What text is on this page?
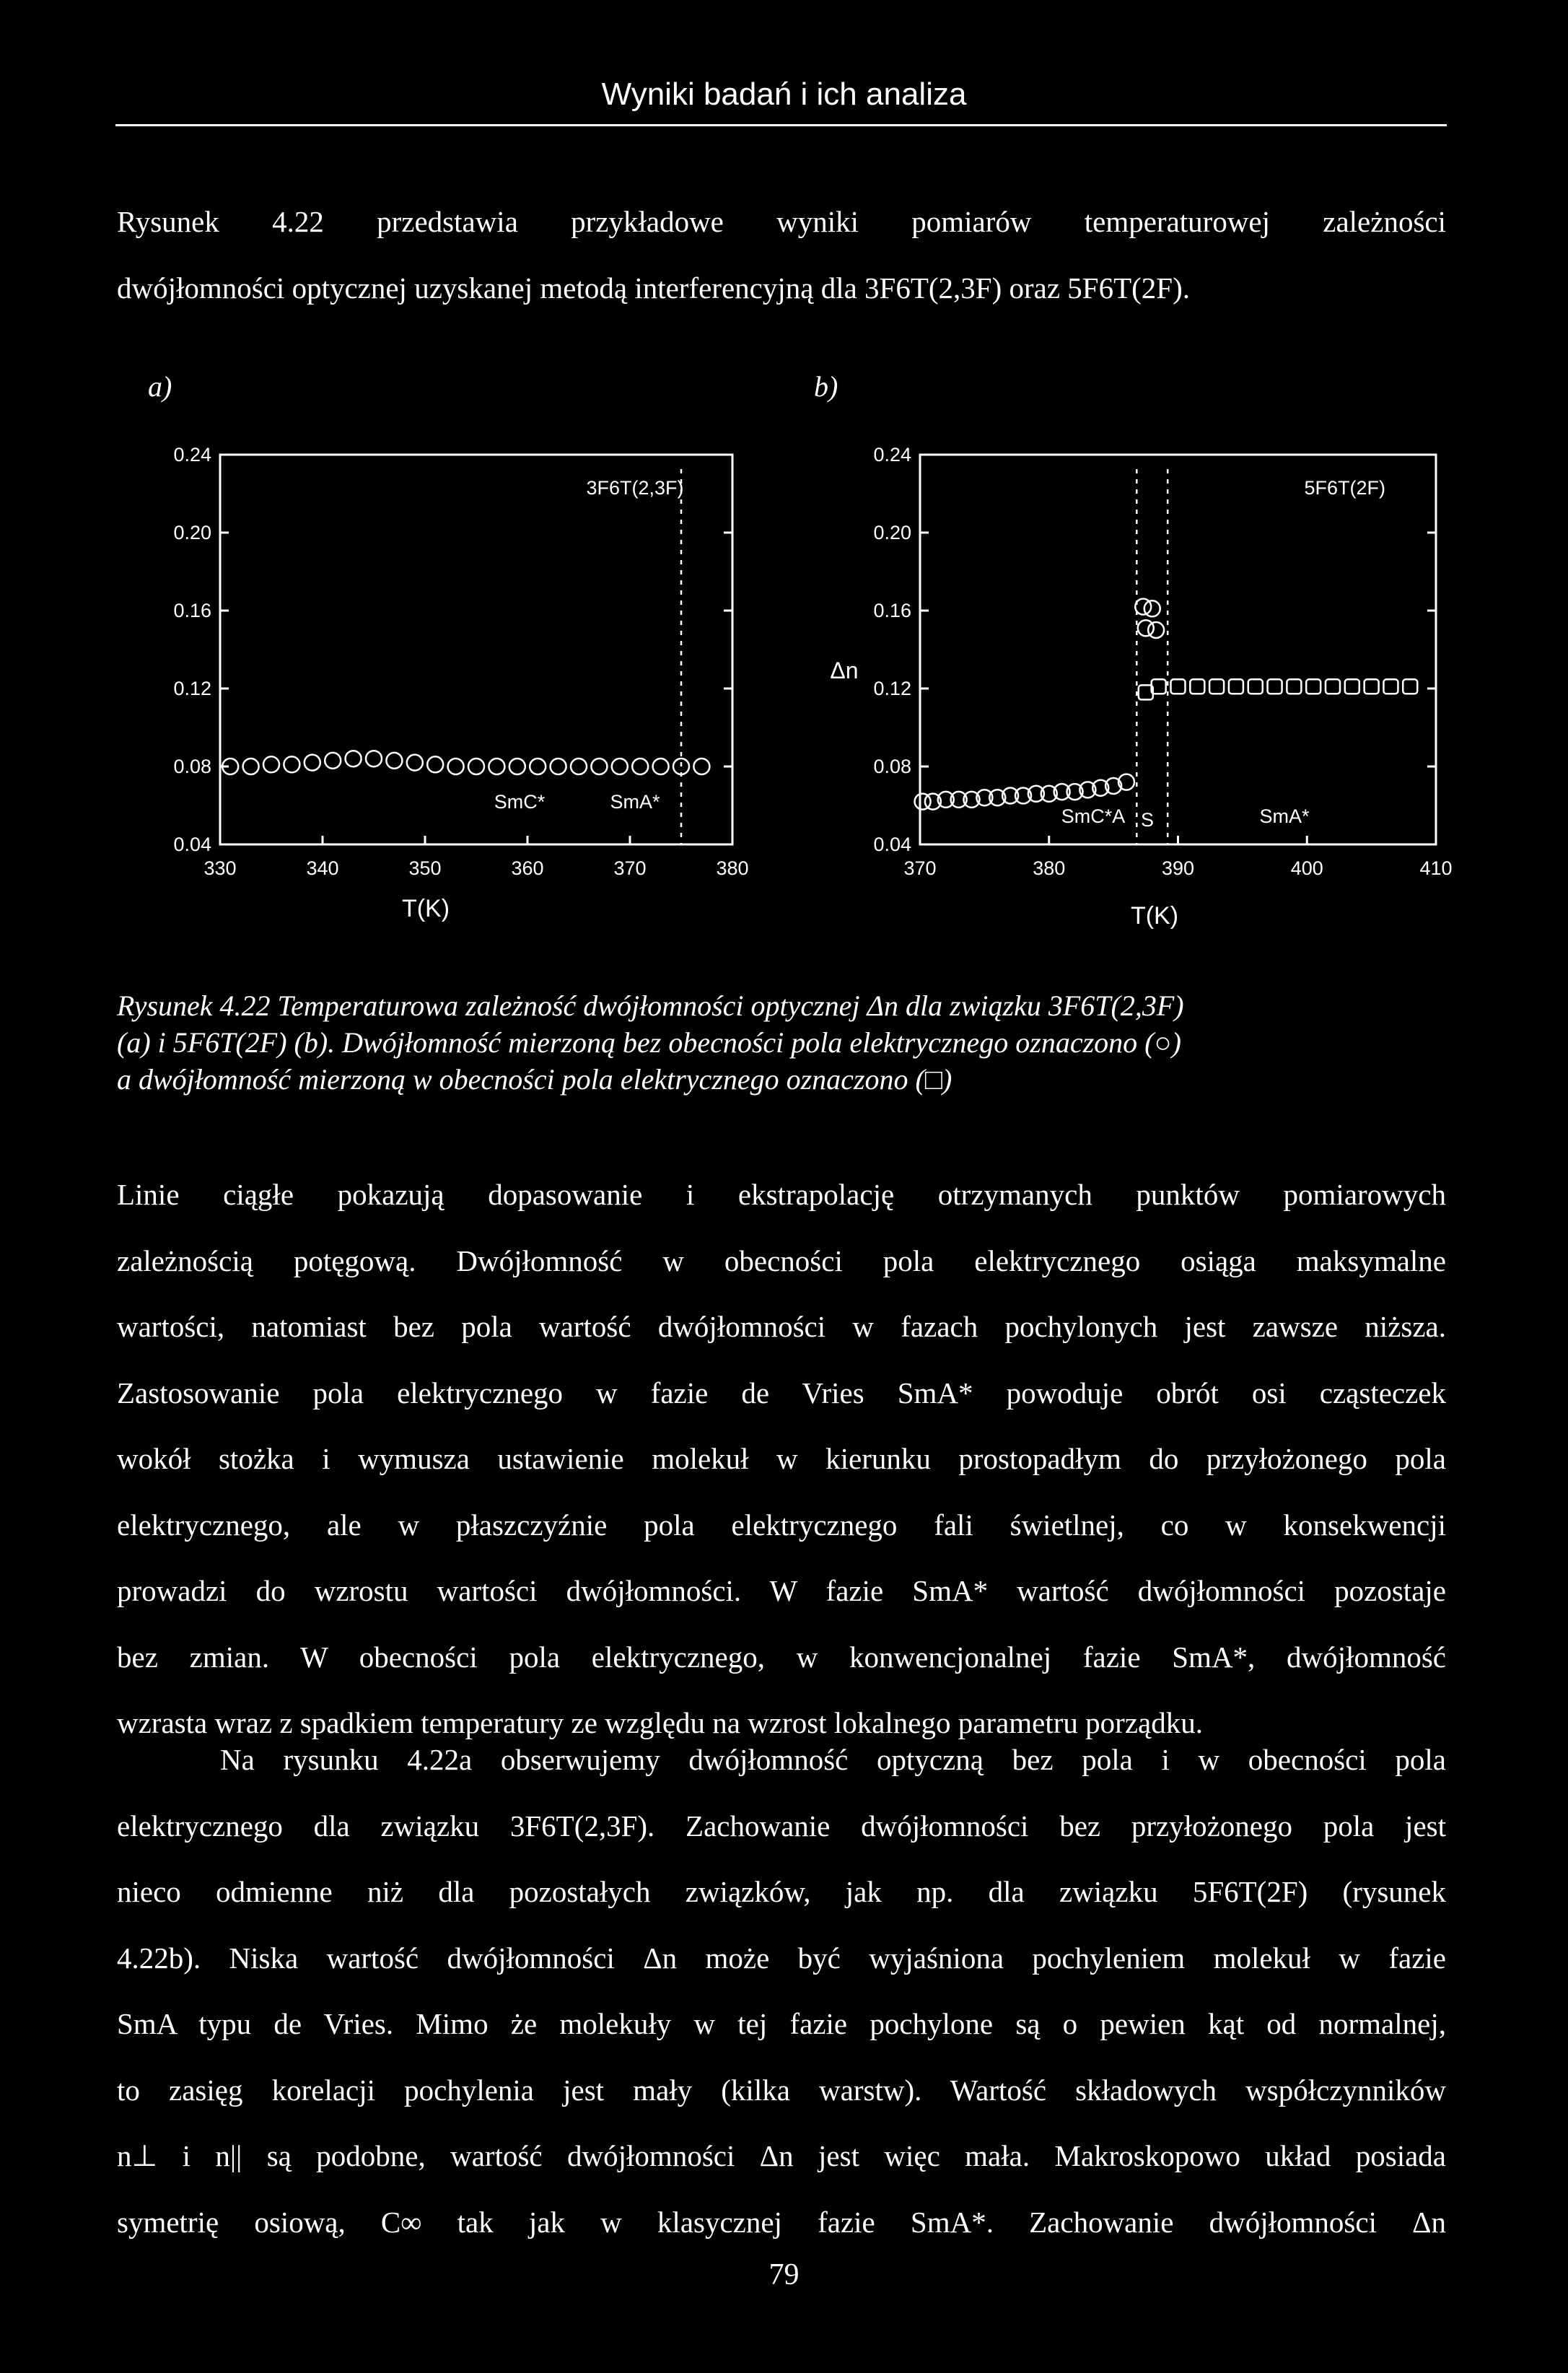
Wyniki badań i ich analiza
Rysunek 4.22 przedstawia przykładowe wyniki pomiarów temperaturowej zależności
dwójłomności optycznej uzyskanej metodą interferencyjną dla 3F6T(2,3F) oraz 5F6T(2F).
a)	b)
3F6T(2,3F)
SmC*	SmA*
T(K)
330	340	350	360	370	380
0.04
0.08
0.12
0.16
0.20
0.24
5F6T(2F)
Δn
SmC*A S	SmA*
T(K)
370	380	390	400	410
0.04
0.08
0.12
0.16
0.20
0.24
Rysunek 4.22 Temperaturowa zależność dwójłomności optycznej Δn dla związku 3F6T(2,3F)
(a) i 5F6T(2F) (b). Dwójłomność mierzoną bez obecności pola elektrycznego oznaczono (○)
a dwójłomność mierzoną w obecności pola elektrycznego oznaczono (□)
Linie ciągłe pokazują dopasowanie i ekstrapolację otrzymanych punktów pomiarowych
zależnością potęgową. Dwójłomność w obecności pola elektrycznego osiąga maksymalne
wartości, natomiast bez pola wartość dwójłomności w fazach pochylonych jest zawsze niższa.
Zastosowanie pola elektrycznego w fazie de Vries SmA* powoduje obrót osi cząsteczek
wokół stożka i wymusza ustawienie molekuł w kierunku prostopadłym do przyłożonego pola
elektrycznego, ale w płaszczyźnie pola elektrycznego fali świetlnej, co w konsekwencji
prowadzi do wzrostu wartości dwójłomności. W fazie SmA* wartość dwójłomności pozostaje
bez zmian. W obecności pola elektrycznego, w konwencjonalnej fazie SmA*, dwójłomność
wzrasta wraz z spadkiem temperatury ze względu na wzrost lokalnego parametru porządku.
Na rysunku 4.22a obserwujemy dwójłomność optyczną bez pola i w obecności pola
elektrycznego dla związku 3F6T(2,3F). Zachowanie dwójłomności bez przyłożonego pola jest
nieco odmienne niż dla pozostałych związków, jak np. dla związku 5F6T(2F) (rysunek
4.22b). Niska wartość dwójłomności Δn może być wyjaśniona pochyleniem molekuł w fazie
SmA typu de Vries. Mimo że molekuły w tej fazie pochylone są o pewien kąt od normalnej,
to zasięg korelacji pochylenia jest mały (kilka warstw). Wartość składowych współczynników
n⊥ i n|| są podobne, wartość dwójłomności Δn jest więc mała. Makroskopowo układ posiada
symetrię osiową, C∞ tak jak w klasycznej fazie SmA*. Zachowanie dwójłomności Δn
79
